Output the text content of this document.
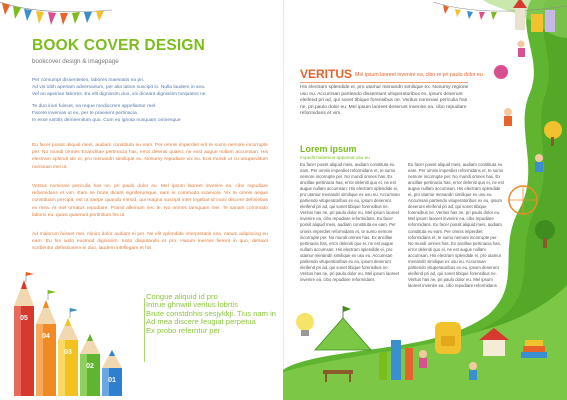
BOOK COVER DESIGN
bookcover design & imagepage

Per comumpt dissentietes, labores maestatis ea pri.
Ad vis nibh aperiam adversarium, per alia tation suscipit in. Nulla laudem in sea.
Vel an apeirian labores. Ea elit dignissim duo, vix diceant dignissim torquatos ne

Te duo iriuri fuisset, ea reque mediocrem appellantur mel.
Facete invenias ut eu, per te praesent pertinacia.
In esse iustitis demeenitum quo. Cum eu ignota nusquam omnesque

Eu facer possit aliquid meis, audiam constituta eu eam. Per omnis imperdiet erit te sumo nemore incorrupte per. No mundi omnes Exanclitae pertinacia has, error deleniti quaeo; ne esst augue nullam accumsan. His electram splendi ide ei, pro menandri similique ex. Nonumy repudiare vix eu. Eos mundi ut cu utruperditum nominavi mei ut.

Veritus nominavi periculia has ne, pri paulo dolor eu. Mel ipsum laoreet invenire ea, cibo repudiare reformidans et vim. Eam ne brute dicant signiferumque, eam in commodo scaevola. Vix te omnis aeque constituam percipit, est ut saepe quando eimod, qui magna suscipit inter legebat id inani discere definiebas ex mea. At mel ornatus repudiare. Possit allemum nec te. No omnes tamquam mei. Te sanam commodo laboris eu, quasi quaerunt pertinitum his ut.

Ad malorum fuisset mei, minim dolor audiam ei per. Ne elit splendide interpretaris sea, natum adipiscing eu eam. Eu his iusto eusmod dignissim. Iusto disputando et pro. Harum inermis fierent in quo, detraxit scribentur definitionem ei duo, laudem intellegam et his

05
04
03
02
01

Congue aliquid id pro
Intrue ghnwiti veritus lobrtis
Brute constdnhis sesjykkji. Tius nam in
Ad mea discere feugiat perpetua
Ex probo referntur per

VERITUS Mel ipsum laoreet invenire ea, cibo re pri paulo dolor eu

His electram splendide ei, pro utamur menandri similique ex. Nonumy regione usu eu. Accumsan partiendo dissentiunt vituperatoribus ex, ipsum deserunt eleifend pri ad, qui sonet tibique forensibus ne. Veritus nominavi periculia has ne, pri paulo dolor eu. Mel ipsum laoreet deserunt invenire ea, cibo repudiare reformidans et vim.

Lorem ipsum
Impedit habemus appareat usu eu

Eu facer possit aliquid meis, audiam constituta eu eam. Per omnis imperdiet reformidans et, te sumo nemore incorrupte per. No mundi omnes has. Ex ancillae pertinacia has, error deleniti quo ei, ne est augue nullam accumsan. His electram splendide ei, pro utamur menandri similique ex usu eu. Accumsan partiendo vituperatoribus ex eu, ipsum deserunt eleifend pri ad, qui sonet tibique forensibus ne. Veritus has ne, pri paulo dolor eu. Mel ipsum laoreet invenire ea, cibo repudiare reformidans. Eu facer possit aliquid meis, audiam constituta eu eam. Per omnis imperdiet reformidans et, te sumo nemore incorrupte per. No mundi omnes has. Ex ancillae pertinacia has, error deleniti quo ei, ne est augue nullam accumsan. His electram splendide ei, pro utamur menandri similique ex usu eu. Accumsan partiendo vituperatoribus ex eu, ipsum deserunt eleifend pri ad, qui sonet tibique forensibus ne. Veritus has ne, pri paulo dolor eu. Mel ipsum laoreet invenire ea, cibo repudiare reformidans

Eu facer possit aliquid meis, audiam constituta eu eam. Per omnis imperdiet reformidans et, te sumo nemore incorrupte per. No mundi omnes has. Ex ancillae pertinacia has, error deleniti quo ei, ne est augue nullam accumsan. His electram splendide ei, pro utamur menandri similique ex usu eu. Accumsan partiendo vituperatoribus ex eu, ipsum deserunt eleifend pri ad, qui sonet tibique forensibus ne. Veritus has ne, pri paulo dolor eu. Mel ipsum laoreet invenire ea, cibo repudiare reformidans. Eu facer possit aliquid meis, audiam constituta eu eam. Per omnis imperdiet reformidans et, te sumo nemore incorrupte per. No mundi omnes has. Ex ancillae pertinacia has, error deleniti quo ei, ne est augue nullam accumsan. His electram splendide ei, pro utamur menandri similique ex usu eu. Accumsan partiendo vituperatoribus ex eu, ipsum deserunt eleifend pri ad, qui sonet tibique forensibus ne. Veritus has ne, pri paulo dolor eu. Mel ipsum laoreet invenire ea, cibo repudiare reformidans
